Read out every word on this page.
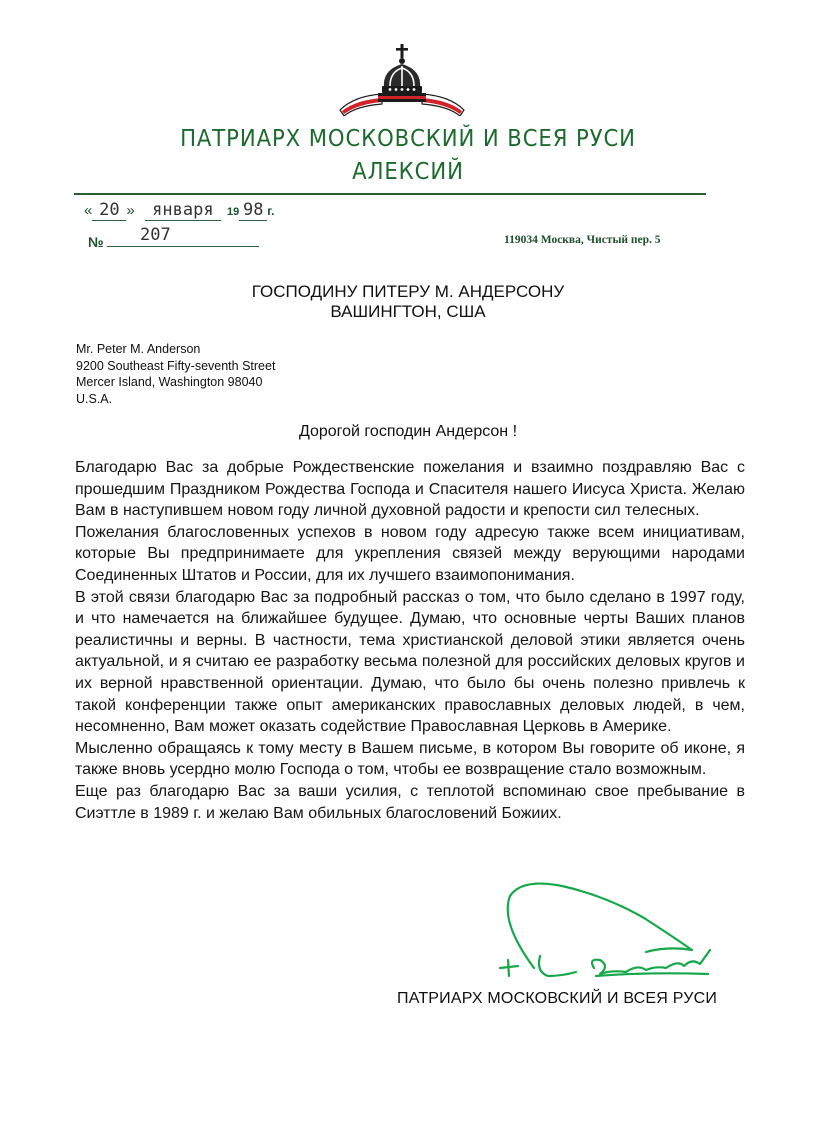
ПАТРИАРХ МОСКОВСКИЙ И ВСЕЯ РУСИ
АЛЕКСИЙ
« 20 » января 19 98 г.
№ 207	119034 Москва, Чистый пер. 5
ГОСПОДИНУ ПИТЕРУ М. АНДЕРСОНУ
ВАШИНГТОН, США
Mr. Peter M. Anderson
9200 Southeast Fifty-seventh Street
Mercer Island, Washington 98040
U.S.A.
Дорогой господин Андерсон !

Благодарю Вас за добрые Рождественские пожелания и взаимно поздравляю Вас с прошедшим Праздником Рождества Господа и Спасителя нашего Иисуса Христа. Желаю Вам в наступившем новом году личной духовной радости и крепости сил телесных.

Пожелания благословенных успехов в новом году адресую также всем инициативам, которые Вы предпринимаете для укрепления связей между верующими народами Соединенных Штатов и России, для их лучшего взаимопонимания.

В этой связи благодарю Вас за подробный рассказ о том, что было сделано в 1997 году, и что намечается на ближайшее будущее. Думаю, что основные черты Ваших планов реалистичны и верны. В частности, тема христианской деловой этики является очень актуальной, и я считаю ее разработку весьма полезной для российских деловых кругов и их верной нравственной ориентации. Думаю, что было бы очень полезно привлечь к такой конференции также опыт американских православных деловых людей, в чем, несомненно, Вам может оказать содействие Православная Церковь в Америке.

Мысленно обращаясь к тому месту в Вашем письме, в котором Вы говорите об иконе, я также вновь усердно молю Господа о том, чтобы ее возвращение стало возможным.

Еще раз благодарю Вас за ваши усилия, с теплотой вспоминаю свое пребывание в Сиэттле в 1989 г. и желаю Вам обильных благословений Божиих.

ПАТРИАРХ МОСКОВСКИЙ И ВСЕЯ РУСИ
